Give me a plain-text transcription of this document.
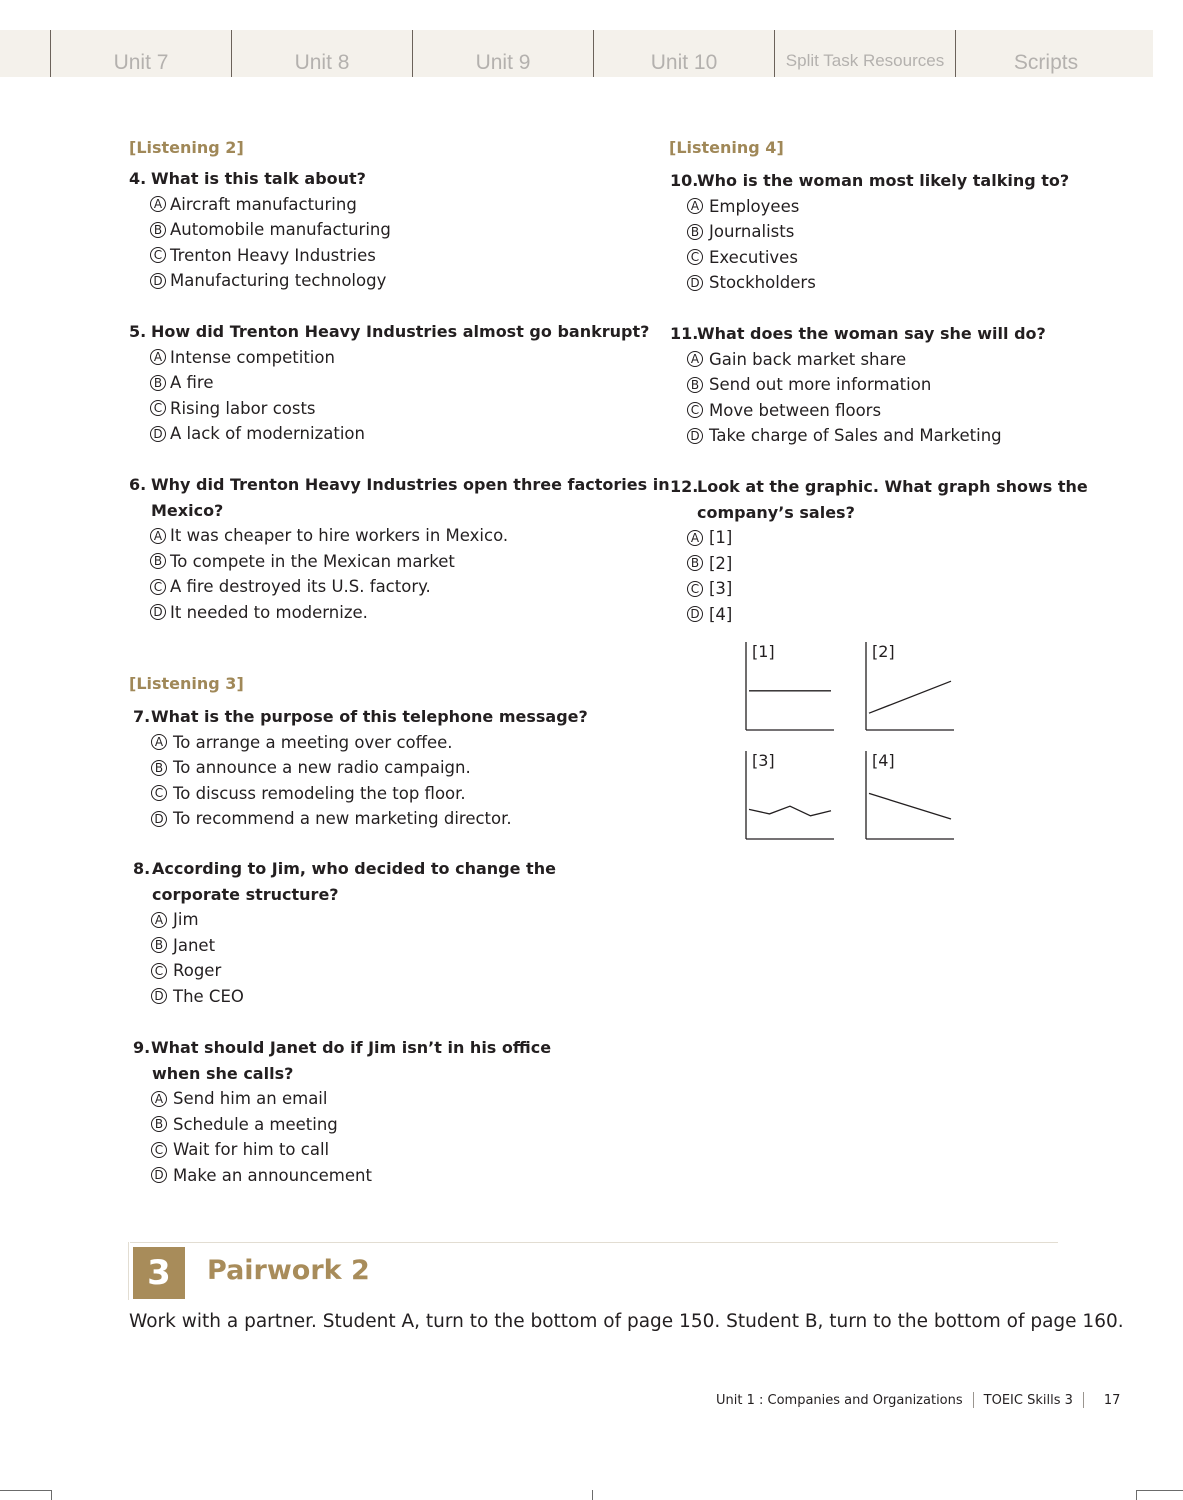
Unit 7	Unit 8	Unit 9	Unit 10	Split Task Resources	Scripts
[Listening 2]
4. What is this talk about?
A Aircraft manufacturing
B Automobile manufacturing
C Trenton Heavy Industries
D Manufacturing technology
5. How did Trenton Heavy Industries almost go bankrupt?
A Intense competition
B A fire
C Rising labor costs
D A lack of modernization
6. Why did Trenton Heavy Industries open three factories in
Mexico?
A It was cheaper to hire workers in Mexico.
B To compete in the Mexican market
C A fire destroyed its U.S. factory.
D It needed to modernize.
[Listening 3]
7.What is the purpose of this telephone message?
A To arrange a meeting over coffee.
B To announce a new radio campaign.
C To discuss remodeling the top floor.
D To recommend a new marketing director.
8. According to Jim, who decided to change the
corporate structure?
A Jim
B Janet
C Roger
D The CEO
9.What should Janet do if Jim isn’t in his office
when she calls?
A Send him an email
B Schedule a meeting
C Wait for him to call
D Make an announcement
[Listening 4]
10.Who is the woman most likely talking to?
A Employees
B Journalists
C Executives
D Stockholders
11.What does the woman say she will do?
A Gain back market share
B Send out more information
C Move between floors
D Take charge of Sales and Marketing
12.Look at the graphic. What graph shows the
company’s sales?
A [1]
B [2]
C [3]
D [4]
[1]	[2]
[3]	[4]
3	Pairwork 2
Work with a partner. Student A, turn to the bottom of page 150. Student B, turn to the bottom of page 160.
Unit 1 : Companies and Organizations TOEIC Skills 3 17
